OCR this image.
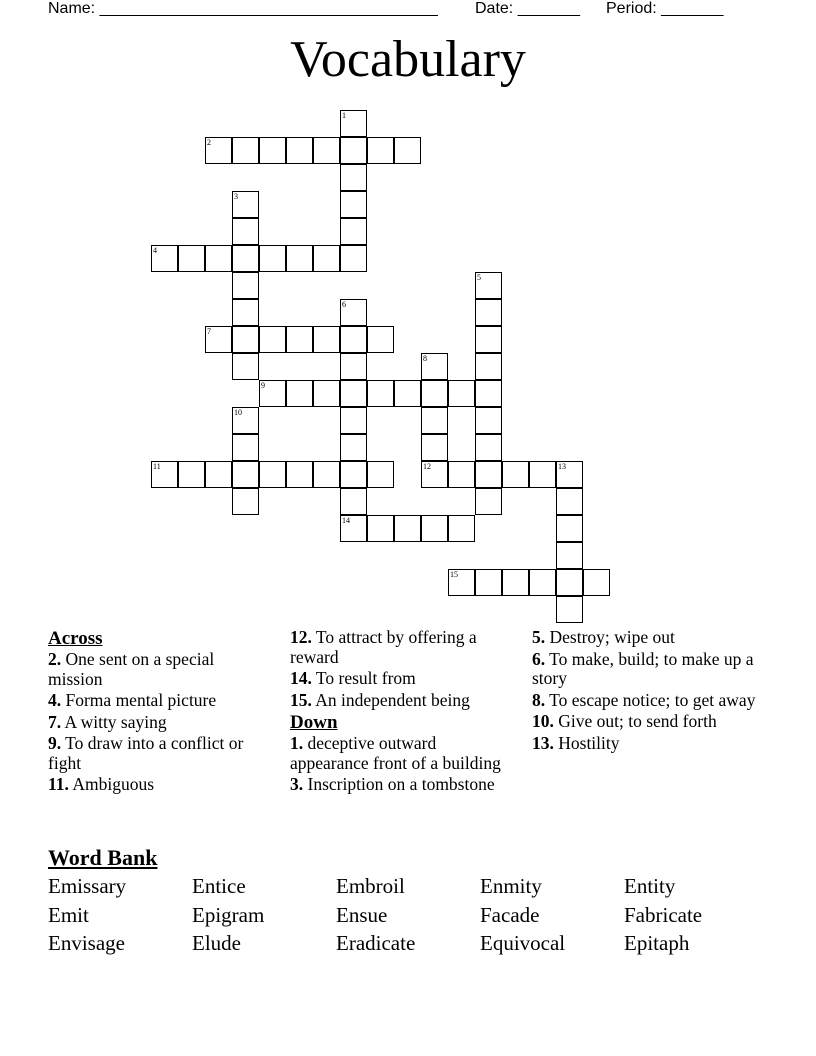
Name: ______________________________________ Date: _______ Period: _______
Vocabulary
1
2
3
4
5
6
14
7
8
12
9
10
11	13
15
Across
2. One sent on a special mission
4. Forma mental picture
7. A witty saying
9. To draw into a conflict or fight
11. Ambiguous
12. To attract by offering a reward
14. To result from
15. An independent being
Down
1. deceptive outward appearance front of a building
3. Inscription on a tombstone
5. Destroy; wipe out
6. To make, build; to make up a story
8. To escape notice; to get away
10. Give out; to send forth
13. Hostility
Word Bank
Emissary	Entice	Embroil	Enmity	Entity
Emit	Epigram	Ensue	Facade	Fabricate
Envisage	Elude	Eradicate	Equivocal	Epitaph
